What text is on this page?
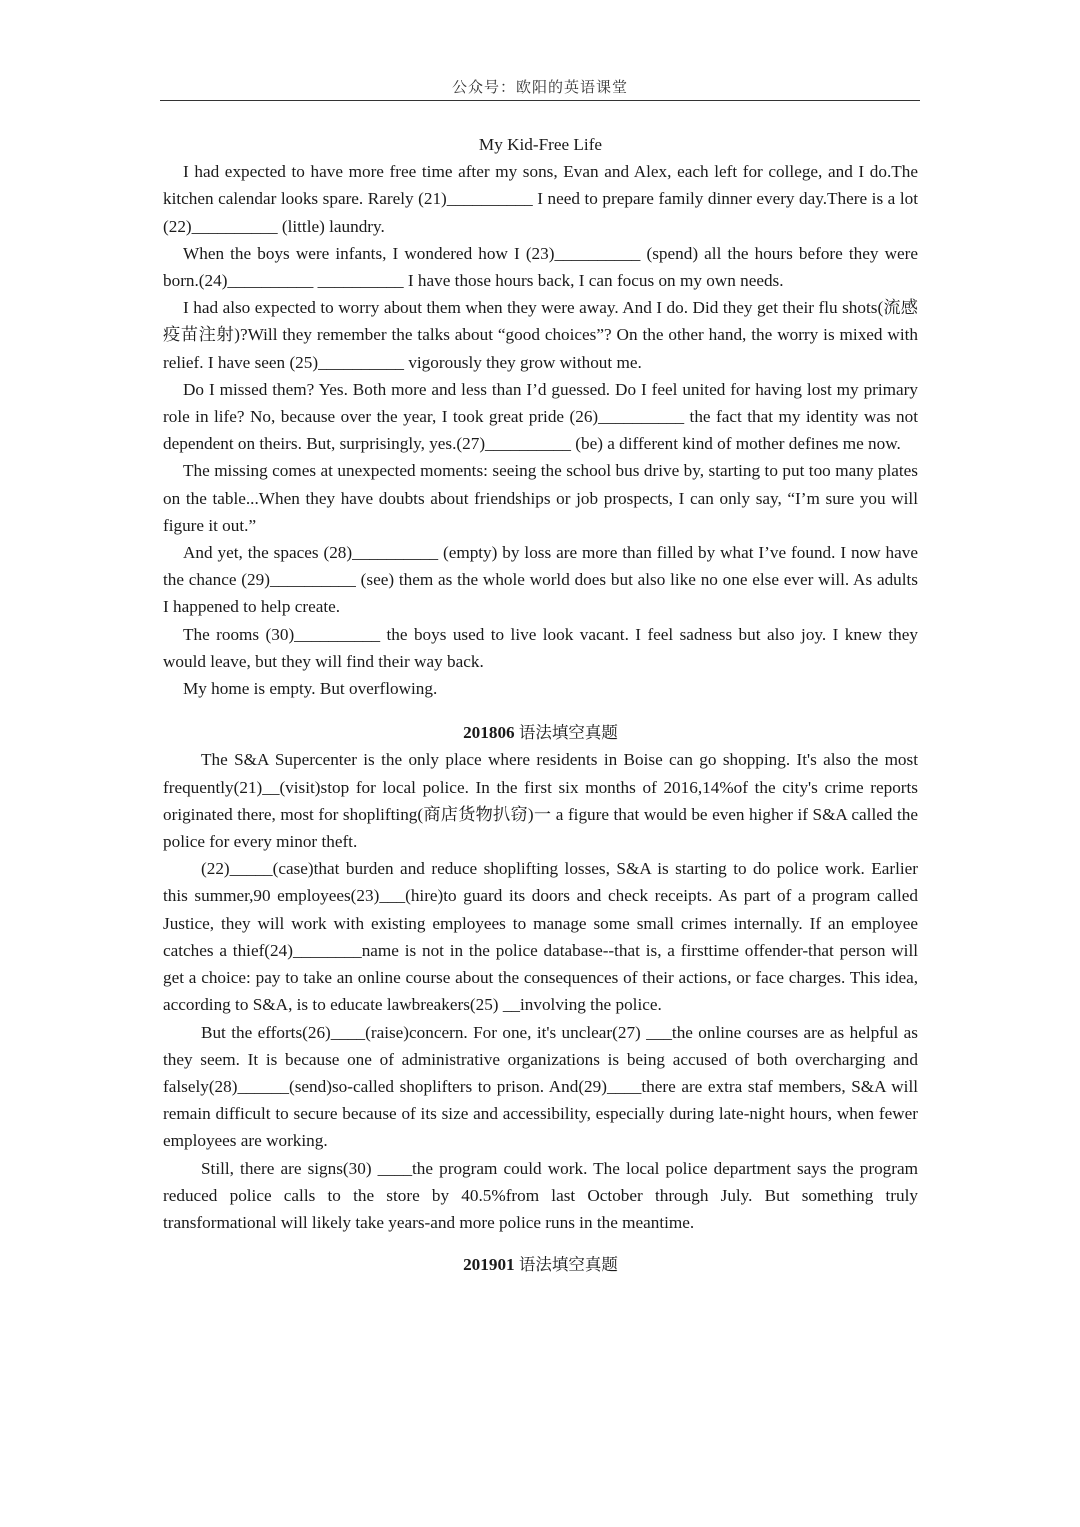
公众号：欧阳的英语课堂

My Kid-Free Life

I had expected to have more free time after my sons, Evan and Alex, each left for college, and I do.The kitchen calendar looks spare. Rarely (21)__________ I need to prepare family dinner every day.There is a lot (22)__________ (little) laundry.

When the boys were infants, I wondered how I (23)__________ (spend) all the hours before they were born.(24)__________ __________ I have those hours back, I can focus on my own needs.

I had also expected to worry about them when they were away. And I do. Did they get their flu shots(流感疫苗注射)?Will they remember the talks about “good choices”? On the other hand, the worry is mixed with relief. I have seen (25)__________ vigorously they grow without me.

Do I missed them? Yes. Both more and less than I’d guessed. Do I feel united for having lost my primary role in life? No, because over the year, I took great pride (26)__________ the fact that my identity was not dependent on theirs. But, surprisingly, yes.(27)__________ (be) a different kind of mother defines me now.

The missing comes at unexpected moments: seeing the school bus drive by, starting to put too many plates on the table...When they have doubts about friendships or job prospects, I can only say, “I’m sure you will figure it out.”

And yet, the spaces (28)__________ (empty) by loss are more than filled by what I’ve found. I now have the chance (29)__________ (see) them as the whole world does but also like no one else ever will. As adults I happened to help create.

The rooms (30)__________ the boys used to live look vacant. I feel sadness but also joy. I knew they would leave, but they will find their way back.

My home is empty. But overflowing.

201806 语法填空真题

The S&A Supercenter is the only place where residents in Boise can go shopping. It's also the most frequently(21)__(visit)stop for local police. In the first six months of 2016,14%of the city's crime reports originated there, most for shoplifting(商店货物扒窃)一 a figure that would be even higher if S&A called the police for every minor theft.

(22)_____(case)that burden and reduce shoplifting losses, S&A is starting to do police work. Earlier this summer,90 employees(23)___(hire)to guard its doors and check receipts. As part of a program called Justice, they will work with existing employees to manage some small crimes internally. If an employee catches a thief(24)________name is not in the police database--that is, a firsttime offender-that person will get a choice: pay to take an online course about the consequences of their actions, or face charges. This idea, according to S&A, is to educate lawbreakers(25) __involving the police.

But the efforts(26)____(raise)concern. For one, it's unclear(27) ___the online courses are as helpful as they seem. It is because one of administrative organizations is being accused of both overcharging and falsely(28)______(send)so-called shoplifters to prison. And(29)____there are extra staf members, S&A will remain difficult to secure because of its size and accessibility, especially during late-night hours, when fewer employees are working.

Still, there are signs(30) ____the program could work. The local police department says the program reduced police calls to the store by 40.5%from last October through July. But something truly transformational will likely take years-and more police runs in the meantime.

201901 语法填空真题
